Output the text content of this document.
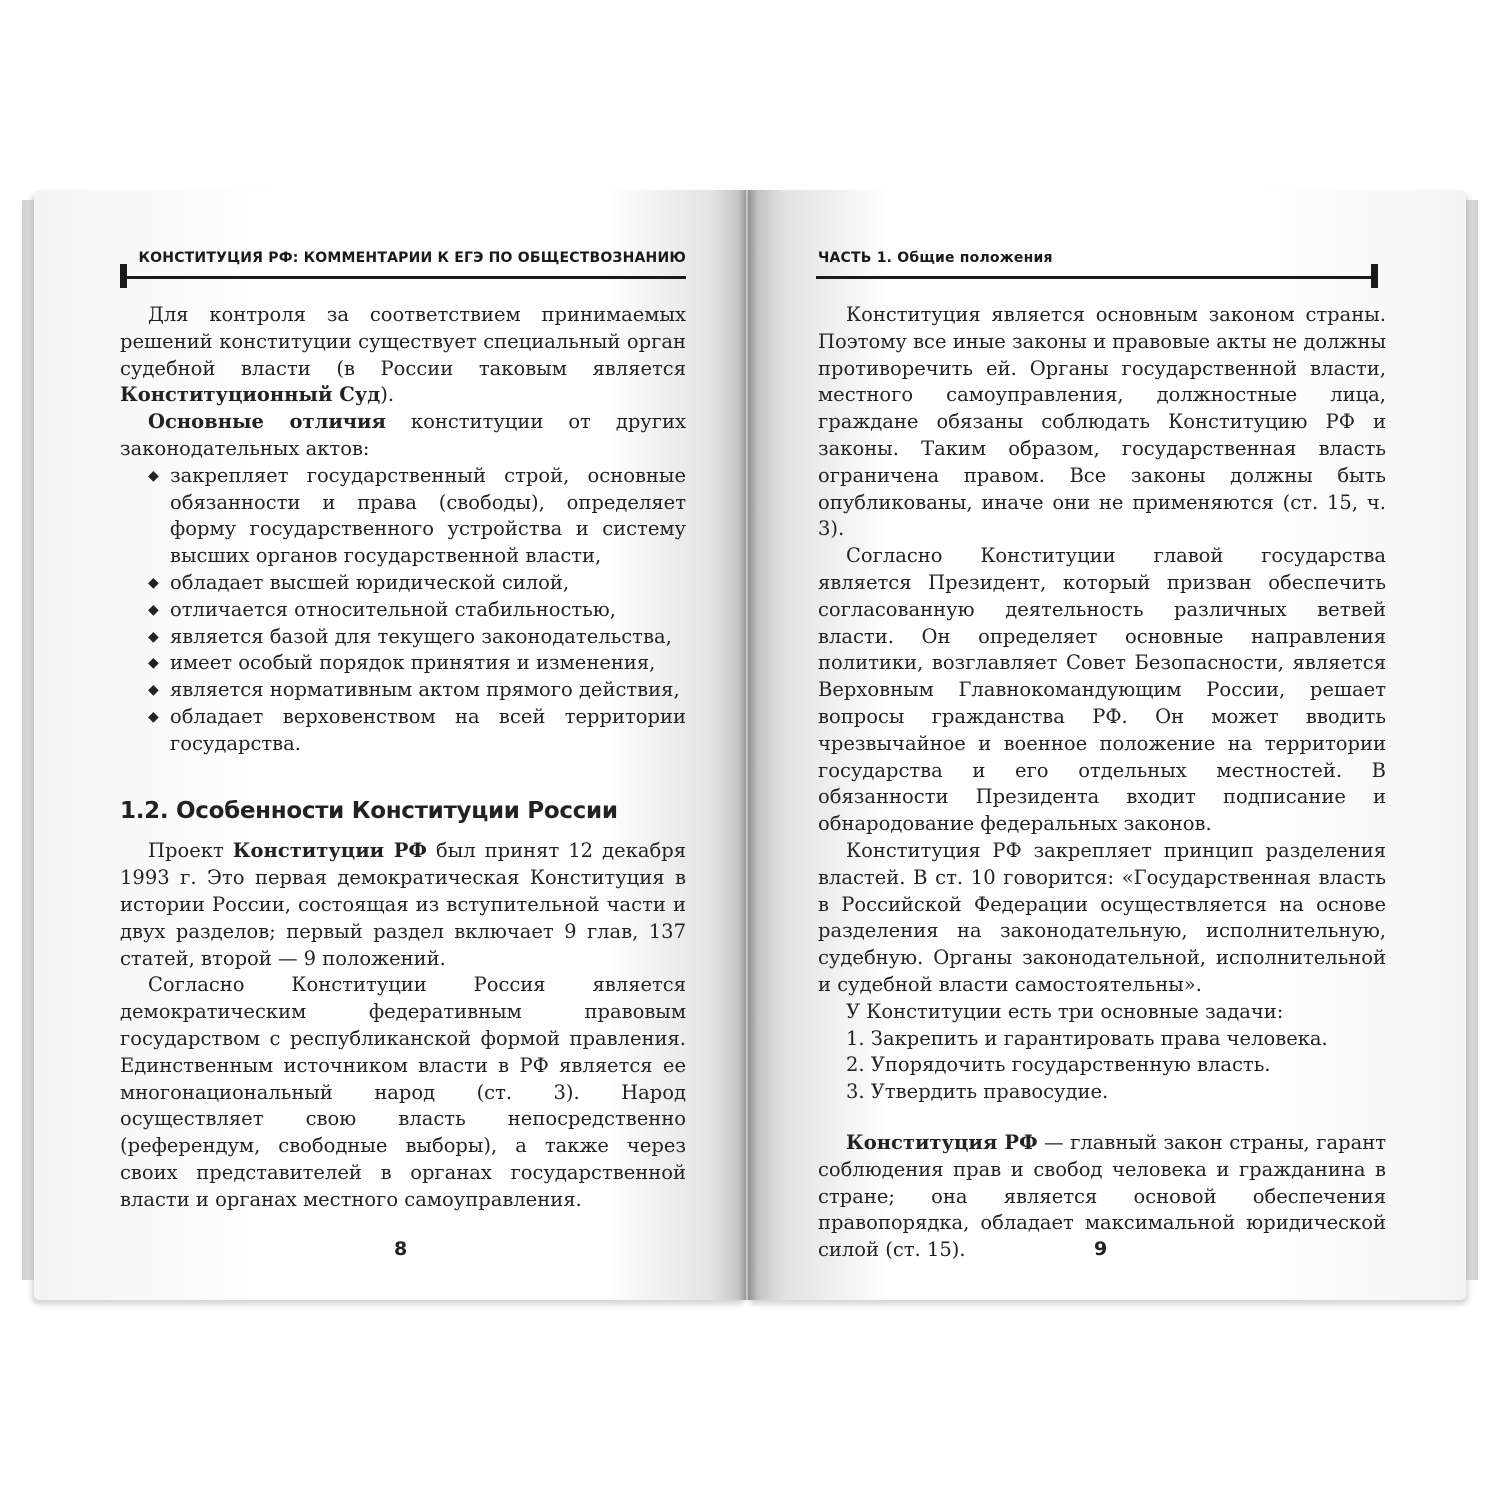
КОНСТИТУЦИЯ РФ: КОММЕНТАРИИ К ЕГЭ ПО ОБЩЕСТВОЗНАНИЮ

Для контроля за соответствием принимаемых решений конституции существует специальный орган судебной власти (в России таковым является Конституционный Суд).

Основные отличия конституции от других законодательных актов:

◆ закрепляет государственный строй, основные обязанности и права (свободы), определяет форму государственного устройства и систему высших органов государственной власти,
◆ обладает высшей юридической силой,
◆ отличается относительной стабильностью,
◆ является базой для текущего законодательства,
◆ имеет особый порядок принятия и изменения,
◆ является нормативным актом прямого действия,
◆ обладает верховенством на всей территории государства.
1.2. Особенности Конституции России

Проект Конституции РФ был принят 12 декабря 1993 г. Это первая демократическая Конституция в истории России, состоящая из вступительной части и двух разделов; первый раздел включает 9 глав, 137 статей, второй — 9 положений.

Согласно Конституции Россия является демократическим федеративным правовым государством с республиканской формой правления. Единственным источником власти в РФ является ее многонациональный народ (ст. 3). Народ осуществляет свою власть непосредственно (референдум, свободные выборы), а также через своих представителей в органах государственной власти и органах местного самоуправления.

8
ЧАСТЬ 1. Общие положения

Конституция является основным законом страны. Поэтому все иные законы и правовые акты не должны противоречить ей. Органы государственной власти, местного самоуправления, должностные лица, граждане обязаны соблюдать Конституцию РФ и законы. Таким образом, государственная власть ограничена правом. Все законы должны быть опубликованы, иначе они не применяются (ст. 15, ч. 3).

Согласно Конституции главой государства является Президент, который призван обеспечить согласованную деятельность различных ветвей власти. Он определяет основные направления политики, возглавляет Совет Безопасности, является Верховным Главнокомандующим России, решает вопросы гражданства РФ. Он может вводить чрезвычайное и военное положение на территории государства и его отдельных местностей. В обязанности Президента входит подписание и обнародование федеральных законов.

Конституция РФ закрепляет принцип разделения властей. В ст. 10 говорится: «Государственная власть в Российской Федерации осуществляется на основе разделения на законодательную, исполнительную, судебную. Органы законодательной, исполнительной и судебной власти самостоятельны».

У Конституции есть три основные задачи:

1. Закрепить и гарантировать права человека.
2. Упорядочить государственную власть.
3. Утвердить правосудие.

Конституция РФ — главный закон страны, гарант соблюдения прав и свобод человека и гражданина в стране; она является основой обеспечения правопорядка, обладает максимальной юридической силой (ст. 15).	9
